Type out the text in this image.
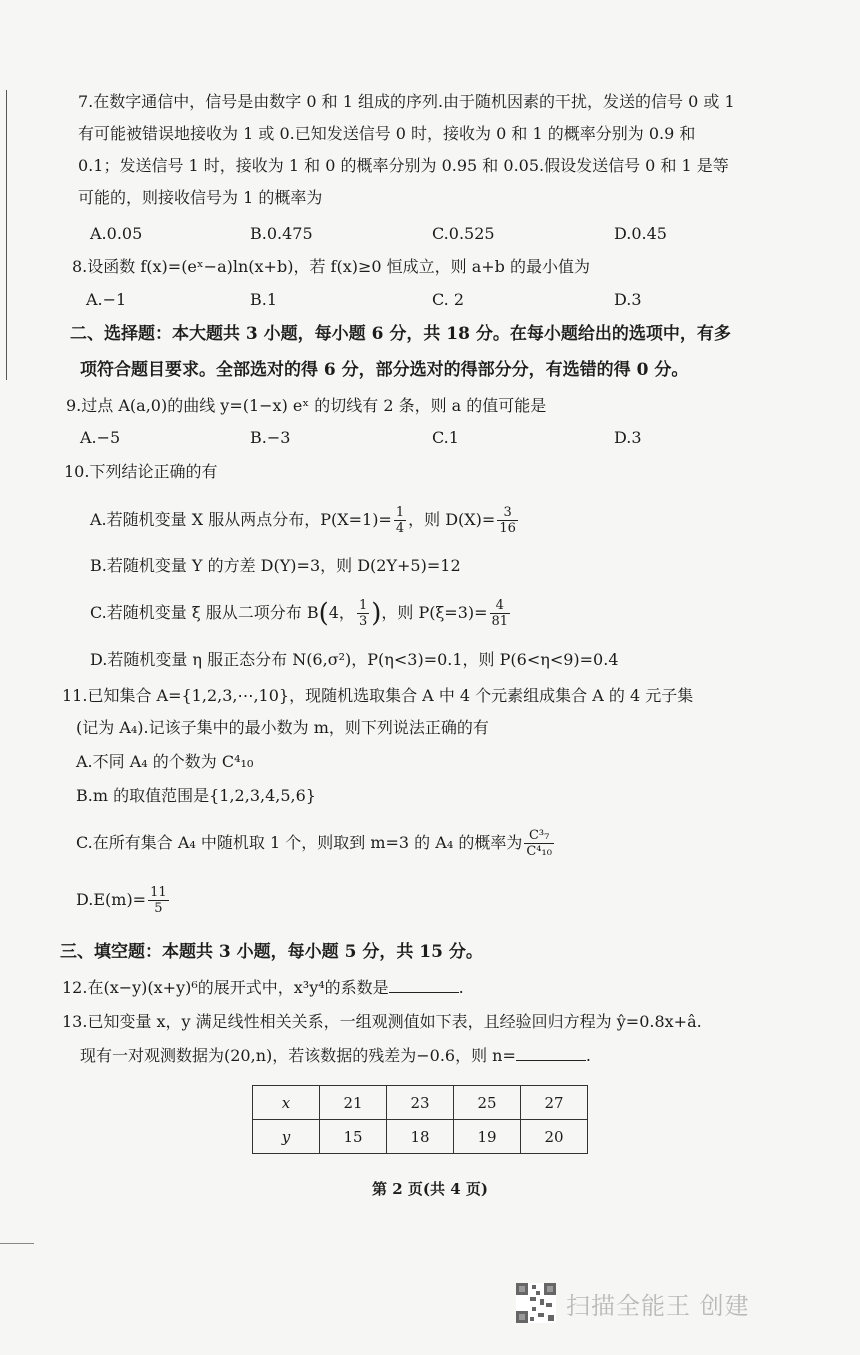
7.在数字通信中，信号是由数字 0 和 1 组成的序列.由于随机因素的干扰，发送的信号 0 或 1
有可能被错误地接收为 1 或 0.已知发送信号 0 时，接收为 0 和 1 的概率分别为 0.9 和
0.1；发送信号 1 时，接收为 1 和 0 的概率分别为 0.95 和 0.05.假设发送信号 0 和 1 是等
可能的，则接收信号为 1 的概率为
A.0.05	B.0.475	C.0.525	D.0.45
8.设函数 f(x)=(eˣ−a)ln(x+b)，若 f(x)≥0 恒成立，则 a+b 的最小值为
A.−1	B.1	C. 2	D.3
二、选择题：本大题共 3 小题，每小题 6 分，共 18 分。在每小题给出的选项中，有多
项符合题目要求。全部选对的得 6 分，部分选对的得部分分，有选错的得 0 分。
9.过点 A(a,0)的曲线 y=(1−x) eˣ 的切线有 2 条，则 a 的值可能是
A.−5	B.−3	C.1	D.3
10.下列结论正确的有
A.若随机变量 X 服从两点分布，$P(X=1)= \frac{1}{4}$ ，则 $D(X)= \frac{3}{16}$
B.若随机变量 Y 的方差 D(Y)=3，则 D(2Y+5)=12
C.若随机变量 ξ 服从二项分布 B(4， $\frac{1}{3}$ )，则 $P(\xi=3)= \frac{4}{81}$
D.若随机变量 η 服正态分布 N(6,σ²)，P(η<3)=0.1，则 P(6<η<9)=0.4
11.已知集合 A={1,2,3,⋯,10}，现随机选取集合 A 中 4 个元素组成集合 A 的 4 元子集
(记为 A₄).记该子集中的最小数为 m，则下列说法正确的有
A.不同 A₄ 的个数为 C⁴₁₀
B.m 的取值范围是{1,2,3,4,5,6}
C.在所有集合 A₄ 中随机取 1 个，则取到 m=3 的 A₄ 的概率为 $\frac{\text{C³₇}}{\text{C⁴₁₀}}$
$D.E(m)= \frac{11}{5}$
三、填空题：本题共 3 小题，每小题 5 分，共 15 分。
12.在(x−y)(x+y)⁶的展开式中，x³y⁴的系数是	.
13.已知变量 x，y 满足线性相关关系，一组观测值如下表，且经验回归方程为 ŷ=0.8x+â.
现有一对观测数据为(20,n)，若该数据的残差为−0.6，则 n=	.
x	21	23	25	27
y	15	18	19	20
第 2 页(共 4 页)
扫描全能王 创建
